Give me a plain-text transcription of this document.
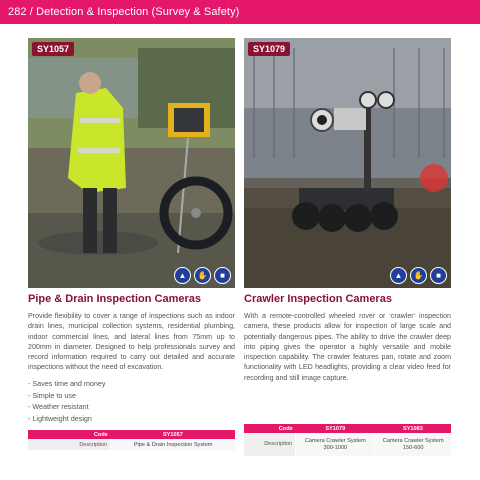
282 / Detection & Inspection (Survey & Safety)
SY1057
▲	✋	■
SY1079
▲	✋	■
Pipe & Drain Inspection Cameras	Crawler Inspection Cameras

Provide flexibility to cover a range of inspections such as indoor drain lines, municipal collection systems, residential plumbing, indoor commercial lines, and lateral lines from 75mm up to 200mm in diameter. Designed to help professionals survey and record information required to carry out detailed and accurate inspections without the need of excavation.

With a remote-controlled wheeled rover or ‘crawler’ inspection camera, these products allow for inspection of large scale and potentially dangerous pipes. The ability to drive the crawler deep into piping gives the operator a highly versatile and mobile inspection capability. The crawler features pan, rotate and zoom functionality with LED headlights, providing a clear video feed for recording and still image capture.

- Saves time and money
- Simple to use
- Weather resistant
- Lightweight design
Code	SY1057
Description	Pipe & Drain Inspection System
Code	SY1079	SY1083
Description	Camera Crawler System 300-1000	Camera Crawler System 150-600
